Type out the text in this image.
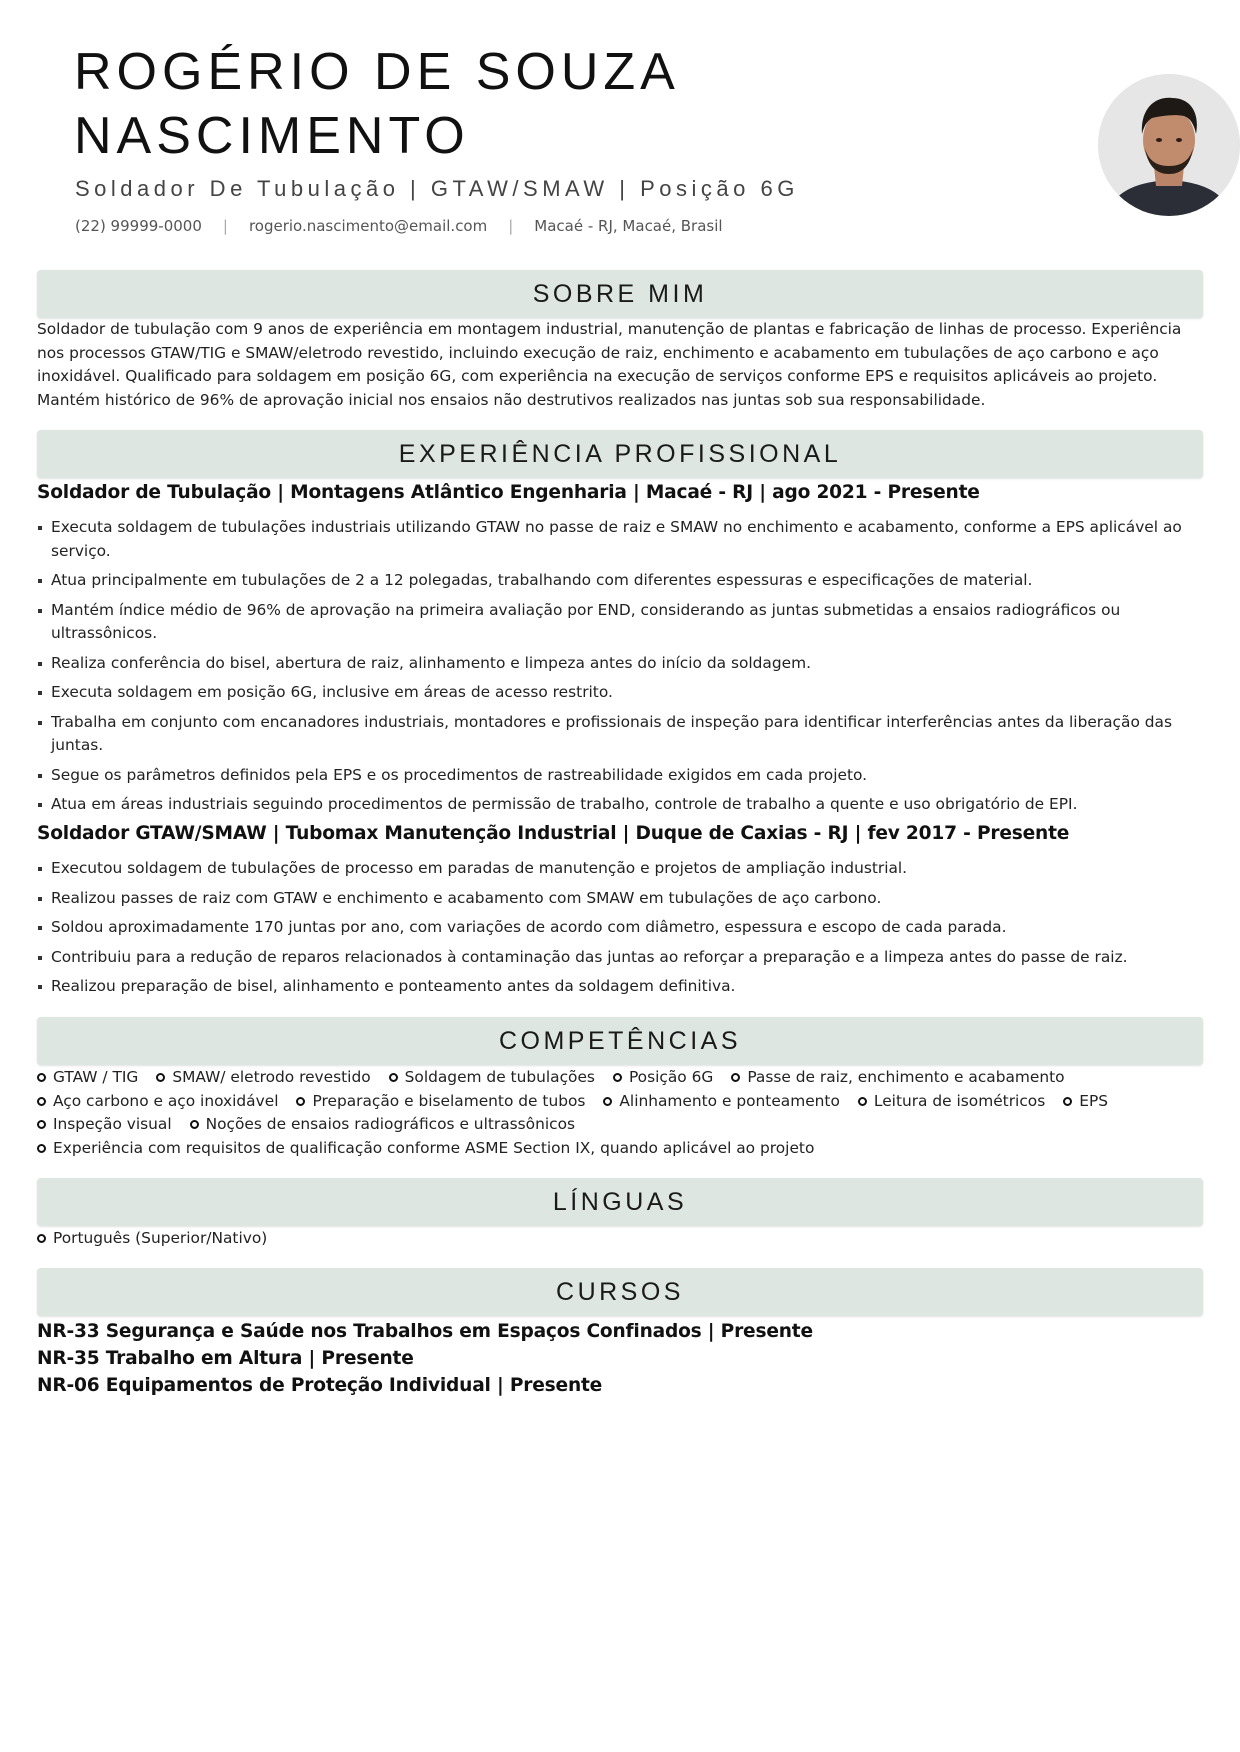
ROGÉRIO DE SOUZA
NASCIMENTO
Soldador De Tubulação | GTAW/SMAW | Posição 6G
(22) 99999-0000 | rogerio.nascimento@email.com | Macaé - RJ, Macaé, Brasil
SOBRE MIM
Soldador de tubulação com 9 anos de experiência em montagem industrial, manutenção de plantas e fabricação de linhas de processo. Experiência nos processos GTAW/TIG e SMAW/eletrodo revestido, incluindo execução de raiz, enchimento e acabamento em tubulações de aço carbono e aço inoxidável. Qualificado para soldagem em posição 6G, com experiência na execução de serviços conforme EPS e requisitos aplicáveis ao projeto. Mantém histórico de 96% de aprovação inicial nos ensaios não destrutivos realizados nas juntas sob sua responsabilidade.
EXPERIÊNCIA PROFISSIONAL
Soldador de Tubulação | Montagens Atlântico Engenharia | Macaé - RJ | ago 2021 - Presente
Executa soldagem de tubulações industriais utilizando GTAW no passe de raiz e SMAW no enchimento e acabamento, conforme a EPS aplicável ao serviço.
Atua principalmente em tubulações de 2 a 12 polegadas, trabalhando com diferentes espessuras e especificações de material.
Mantém índice médio de 96% de aprovação na primeira avaliação por END, considerando as juntas submetidas a ensaios radiográficos ou ultrassônicos.
Realiza conferência do bisel, abertura de raiz, alinhamento e limpeza antes do início da soldagem.
Executa soldagem em posição 6G, inclusive em áreas de acesso restrito.
Trabalha em conjunto com encanadores industriais, montadores e profissionais de inspeção para identificar interferências antes da liberação das juntas.
Segue os parâmetros definidos pela EPS e os procedimentos de rastreabilidade exigidos em cada projeto.
Atua em áreas industriais seguindo procedimentos de permissão de trabalho, controle de trabalho a quente e uso obrigatório de EPI.
Soldador GTAW/SMAW | Tubomax Manutenção Industrial | Duque de Caxias - RJ | fev 2017 - Presente
Executou soldagem de tubulações de processo em paradas de manutenção e projetos de ampliação industrial.
Realizou passes de raiz com GTAW e enchimento e acabamento com SMAW em tubulações de aço carbono.
Soldou aproximadamente 170 juntas por ano, com variações de acordo com diâmetro, espessura e escopo de cada parada.
Contribuiu para a redução de reparos relacionados à contaminação das juntas ao reforçar a preparação e a limpeza antes do passe de raiz.
Realizou preparação de bisel, alinhamento e ponteamento antes da soldagem definitiva.
COMPETÊNCIAS
GTAW / TIG SMAW/ eletrodo revestido Soldagem de tubulações Posição 6G Passe de raiz, enchimento e acabamento
Aço carbono e aço inoxidável Preparação e biselamento de tubos Alinhamento e ponteamento Leitura de isométricos EPS
Inspeção visual Noções de ensaios radiográficos e ultrassônicos
Experiência com requisitos de qualificação conforme ASME Section IX, quando aplicável ao projeto
LÍNGUAS
Português (Superior/Nativo)
CURSOS
NR-33 Segurança e Saúde nos Trabalhos em Espaços Confinados | Presente
NR-35 Trabalho em Altura | Presente
NR-06 Equipamentos de Proteção Individual | Presente
